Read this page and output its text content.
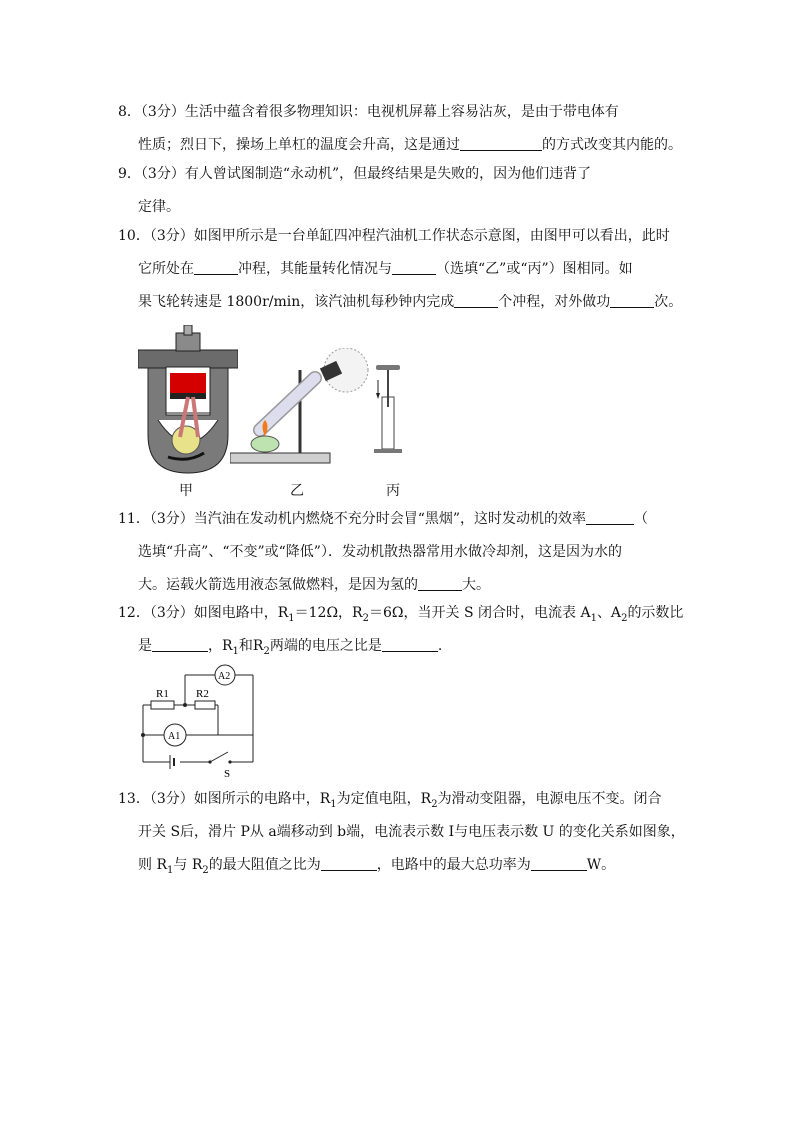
8．（3分）生活中蕴含着很多物理知识：电视机屏幕上容易沾灰，是由于带电体有
性质；烈日下，操场上单杠的温度会升高，这是通过	的方式改变其内能的。
9．（3分）有人曾试图制造“永动机”，但最终结果是失败的，因为他们违背了
定律。
10．（3分）如图甲所示是一台单缸四冲程汽油机工作状态示意图，由图甲可以看出，此时
它所处在	冲程，其能量转化情况与	（选填“乙”或“丙”）图相同。如
果飞轮转速是 1800r/min，该汽油机每秒钟内完成	个冲程，对外做功	次。
甲	乙	丙
11．（3分）当汽油在发动机内燃烧不充分时会冒“黑烟”，这时发动机的效率	（
选填“升高”、“不变”或“降低”）．发动机散热器常用水做冷却剂，这是因为水的
大。运载火箭选用液态氢做燃料，是因为氢的	大。
12．（3分）如图电路中，$R_1=12\Omega$，$R_2=6\Omega$，当开关 S 闭合时，电流表 $A_1$、$A_2$的示数比
是	，$R_1$和$R_2$两端的电压之比是	.
R1 R2
A1
A2
S
13．（3分）如图所示的电路中，$R_1$为定值电阻，$R_2$为滑动变阻器，电源电压不变。闭合
开关 S后，滑片 P从 a端移动到 b端，电流表示数 I与电压表示数 U 的变化关系如图象，
则 $R_1$与 $R_2$的最大阻值之比为	，电路中的最大总功率为	W。
